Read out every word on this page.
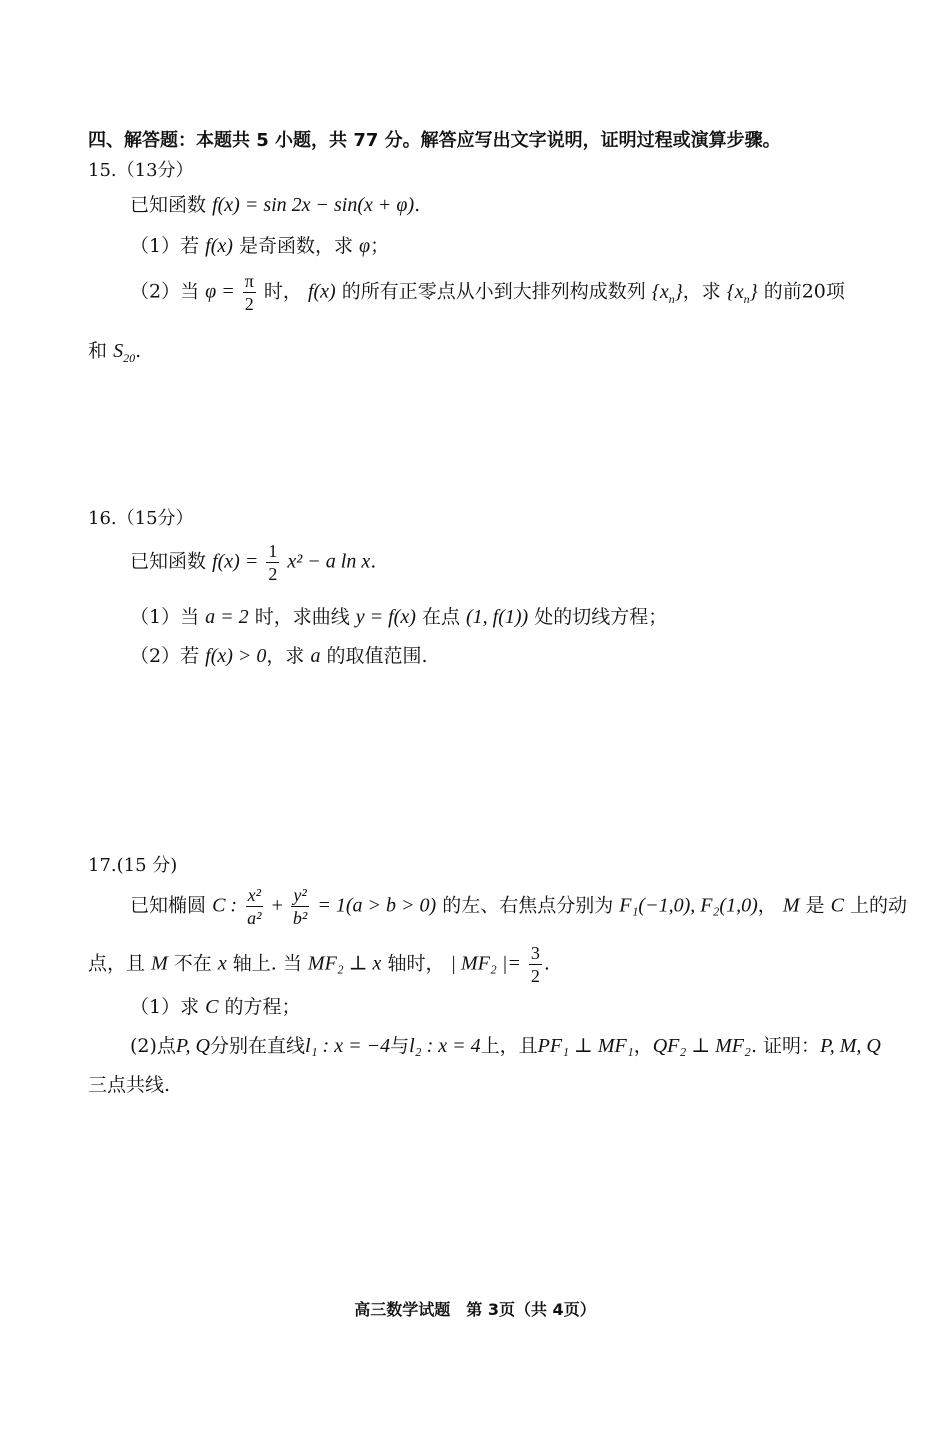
四、解答题：本题共 5 小题，共 77 分。解答应写出文字说明，证明过程或演算步骤。
15.（13分）
已知函数 f(x) = sin 2x − sin(x + φ).
（1）若 f(x) 是奇函数，求 φ；
（2）当 $\varphi = \frac{\pi}{2}$ 时， f(x) 的所有正零点从小到大排列构成数列 $\{x_n\}$，求 $\{x_n\}$ 的前20项
和 $S_{20}$.
16.（15分）
已知函数 $f(x) = \frac{1}{2} x^2 - a$ ln x.
（1）当 a = 2 时，求曲线 y = f(x) 在点 (1, f(1)) 处的切线方程；
（2）若 f(x) > 0，求 a 的取值范围.
17.(15 分)
已知椭圆 C : $\frac{\text{x²}}{\text{a²}} + \frac{\text{y²}}{\text{b²}} = 1(a > b > 0)$ 的左、右焦点分别为 F₁(−1,0), F₂(1,0)， M 是 C 上的动
点，且 M 不在 x 轴上. 当 MF₂ ⊥ x 轴时， | MF₂ |= $\frac{3}{2}$ .
（1）求 C 的方程；
(2)点P, Q分别在直线l₁ : x = −4与l₂ : x = 4上，且PF₁ ⊥ MF₁，QF₂ ⊥ MF₂. 证明：P, M, Q
三点共线.
高三数学试题　第 3页（共 4页）
